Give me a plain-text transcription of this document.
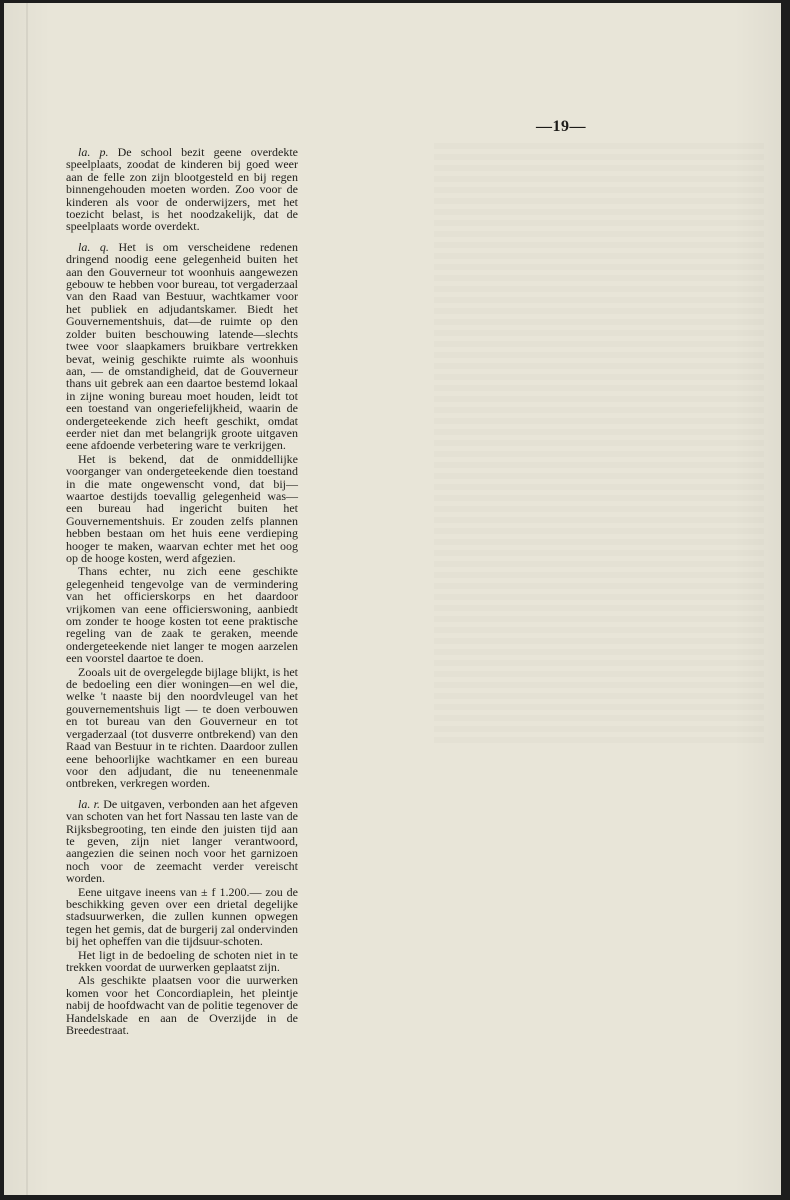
—19—

la. p. De school bezit geene overdekte speelplaats, zoodat de kinderen bij goed weer aan de felle zon zijn blootgesteld en bij regen binnengehouden moeten worden. Zoo voor de kinderen als voor de onderwijzers, met het toezicht belast, is het noodzakelijk, dat de speelplaats worde overdekt.

la. q. Het is om verscheidene redenen dringend noodig eene gelegenheid buiten het aan den Gouverneur tot woonhuis aangewezen gebouw te hebben voor bureau, tot vergaderzaal van den Raad van Bestuur, wachtkamer voor het publiek en adjudantskamer. Biedt het Gouvernementshuis, dat—de ruimte op den zolder buiten beschouwing latende—slechts twee voor slaapkamers bruikbare vertrekken bevat, weinig geschikte ruimte als woonhuis aan, — de omstandigheid, dat de Gouverneur thans uit gebrek aan een daartoe bestemd lokaal in zijne woning bureau moet houden, leidt tot een toestand van ongeriefelijkheid, waarin de ondergeteekende zich heeft geschikt, omdat eerder niet dan met belangrijk groote uitgaven eene afdoende verbetering ware te verkrijgen.

Het is bekend, dat de onmiddellijke voorganger van ondergeteekende dien toestand in die mate ongewenscht vond, dat bij—waartoe destijds toevallig gelegenheid was—een bureau had ingericht buiten het Gouvernementshuis. Er zouden zelfs plannen hebben bestaan om het huis eene verdieping hooger te maken, waarvan echter met het oog op de hooge kosten, werd afgezien.

Thans echter, nu zich eene geschikte gelegenheid tengevolge van de vermindering van het officierskorps en het daardoor vrijkomen van eene officierswoning, aanbiedt om zonder te hooge kosten tot eene praktische regeling van de zaak te geraken, meende ondergeteekende niet langer te mogen aarzelen een voorstel daartoe te doen.

Zooals uit de overgelegde bijlage blijkt, is het de bedoeling een dier woningen—en wel die, welke 't naaste bij den noordvleugel van het gouvernementshuis ligt — te doen verbouwen en tot bureau van den Gouverneur en tot vergaderzaal (tot dusverre ontbrekend) van den Raad van Bestuur in te richten. Daardoor zullen eene behoorlijke wachtkamer en een bureau voor den adjudant, die nu teneenenmale ontbreken, verkregen worden.

la. r. De uitgaven, verbonden aan het afgeven van schoten van het fort Nassau ten laste van de Rijksbegrooting, ten einde den juisten tijd aan te geven, zijn niet langer verantwoord, aangezien die seinen noch voor het garnizoen noch voor de zeemacht verder vereischt worden.

Eene uitgave ineens van ± f 1.200.— zou de beschikking geven over een drietal degelijke stadsuurwerken, die zullen kunnen opwegen tegen het gemis, dat de burgerij zal ondervinden bij het opheffen van die tijdsuur-schoten.

Het ligt in de bedoeling de schoten niet in te trekken voordat de uurwerken geplaatst zijn.

Als geschikte plaatsen voor die uurwerken komen voor het Concordiaplein, het pleintje nabij de hoofdwacht van de politie tegenover de Handelskade en aan de Overzijde in de Breedestraat.
